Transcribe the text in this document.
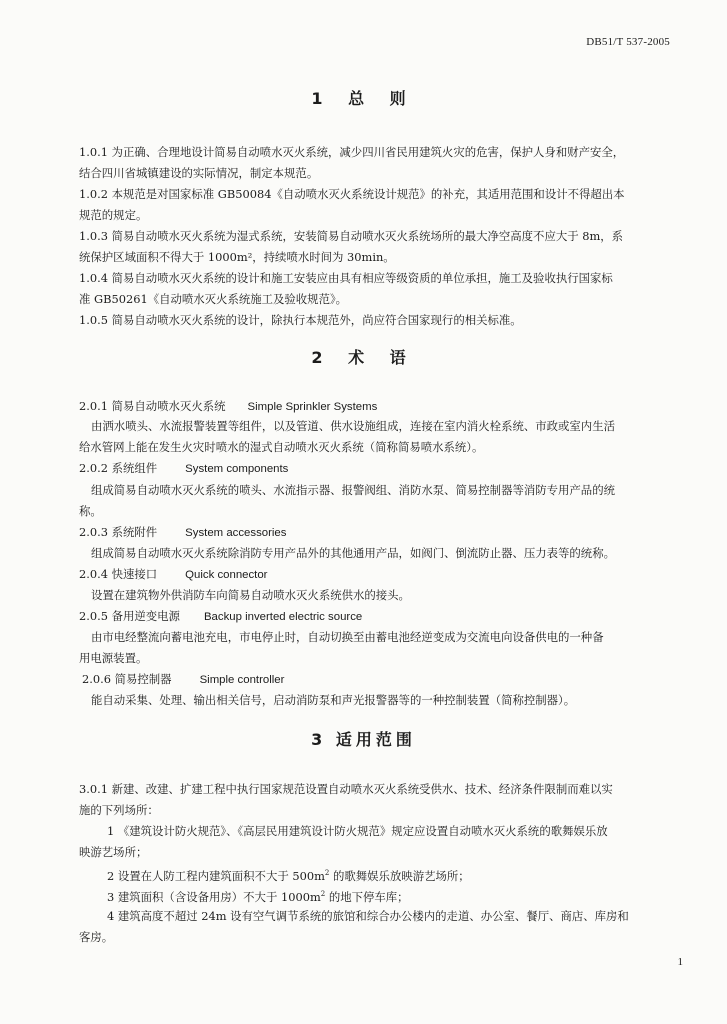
DB51/T 537-2005
1 总 则
1.0.1 为正确、合理地设计简易自动喷水灭火系统，减少四川省民用建筑火灾的危害，保护人身和财产安全，
结合四川省城镇建设的实际情况，制定本规范。
1.0.2 本规范是对国家标准 GB50084《自动喷水灭火系统设计规范》的补充，其适用范围和设计不得超出本
规范的规定。
1.0.3 简易自动喷水灭火系统为湿式系统，安装简易自动喷水灭火系统场所的最大净空高度不应大于 8m，系
统保护区域面积不得大于 1000m²，持续喷水时间为 30min。
1.0.4 简易自动喷水灭火系统的设计和施工安装应由具有相应等级资质的单位承担，施工及验收执行国家标
准 GB50261《自动喷水灭火系统施工及验收规范》。
1.0.5 简易自动喷水灭火系统的设计，除执行本规范外，尚应符合国家现行的相关标准。
2 术 语
2.0.1 简易自动喷水灭火系统 Simple Sprinkler Systems
由洒水喷头、水流报警装置等组件，以及管道、供水设施组成，连接在室内消火栓系统、市政或室内生活
给水管网上能在发生火灾时喷水的湿式自动喷水灭火系统（简称简易喷水系统）。
2.0.2 系统组件 System components
组成简易自动喷水灭火系统的喷头、水流指示器、报警阀组、消防水泵、简易控制器等消防专用产品的统
称。
2.0.3 系统附件 System accessories
组成简易自动喷水灭火系统除消防专用产品外的其他通用产品，如阀门、倒流防止器、压力表等的统称。
2.0.4 快速接口 Quick connector
设置在建筑物外供消防车向简易自动喷水灭火系统供水的接头。
2.0.5 备用逆变电源 Backup inverted electric source
由市电经整流向蓄电池充电，市电停止时，自动切换至由蓄电池经逆变成为交流电向设备供电的一种备
用电源装置。
2.0.6 简易控制器 Simple controller
能自动采集、处理、输出相关信号，启动消防泵和声光报警器等的一种控制装置（简称控制器）。
3 适用范围
3.0.1 新建、改建、扩建工程中执行国家规范设置自动喷水灭火系统受供水、技术、经济条件限制而难以实
施的下列场所：
1 《建筑设计防火规范》、《高层民用建筑设计防火规范》规定应设置自动喷水灭火系统的歌舞娱乐放
映游艺场所；
2 设置在人防工程内建筑面积不大于 $500m^2$ 的歌舞娱乐放映游艺场所；
3 建筑面积（含设备用房）不大于 $1000m^2$ 的地下停车库；
4 建筑高度不超过 24m 设有空气调节系统的旅馆和综合办公楼内的走道、办公室、餐厅、商店、库房和
客房。
1
